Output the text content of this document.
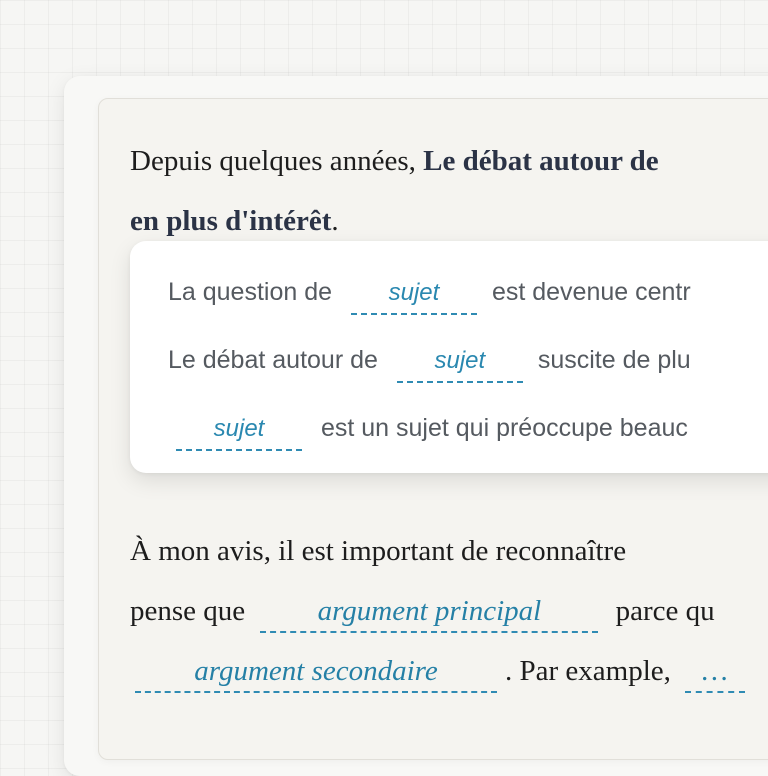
Depuis quelques années, Le débat autour de
en plus d'intérêt.
La question de sujet est devenue centr
Le débat autour de sujet suscite de plu
sujet est un sujet qui préoccupe beauc
À mon avis, il est important de reconnaître
pense que argument principal	parce qu
argument secondaire . Par example, …
